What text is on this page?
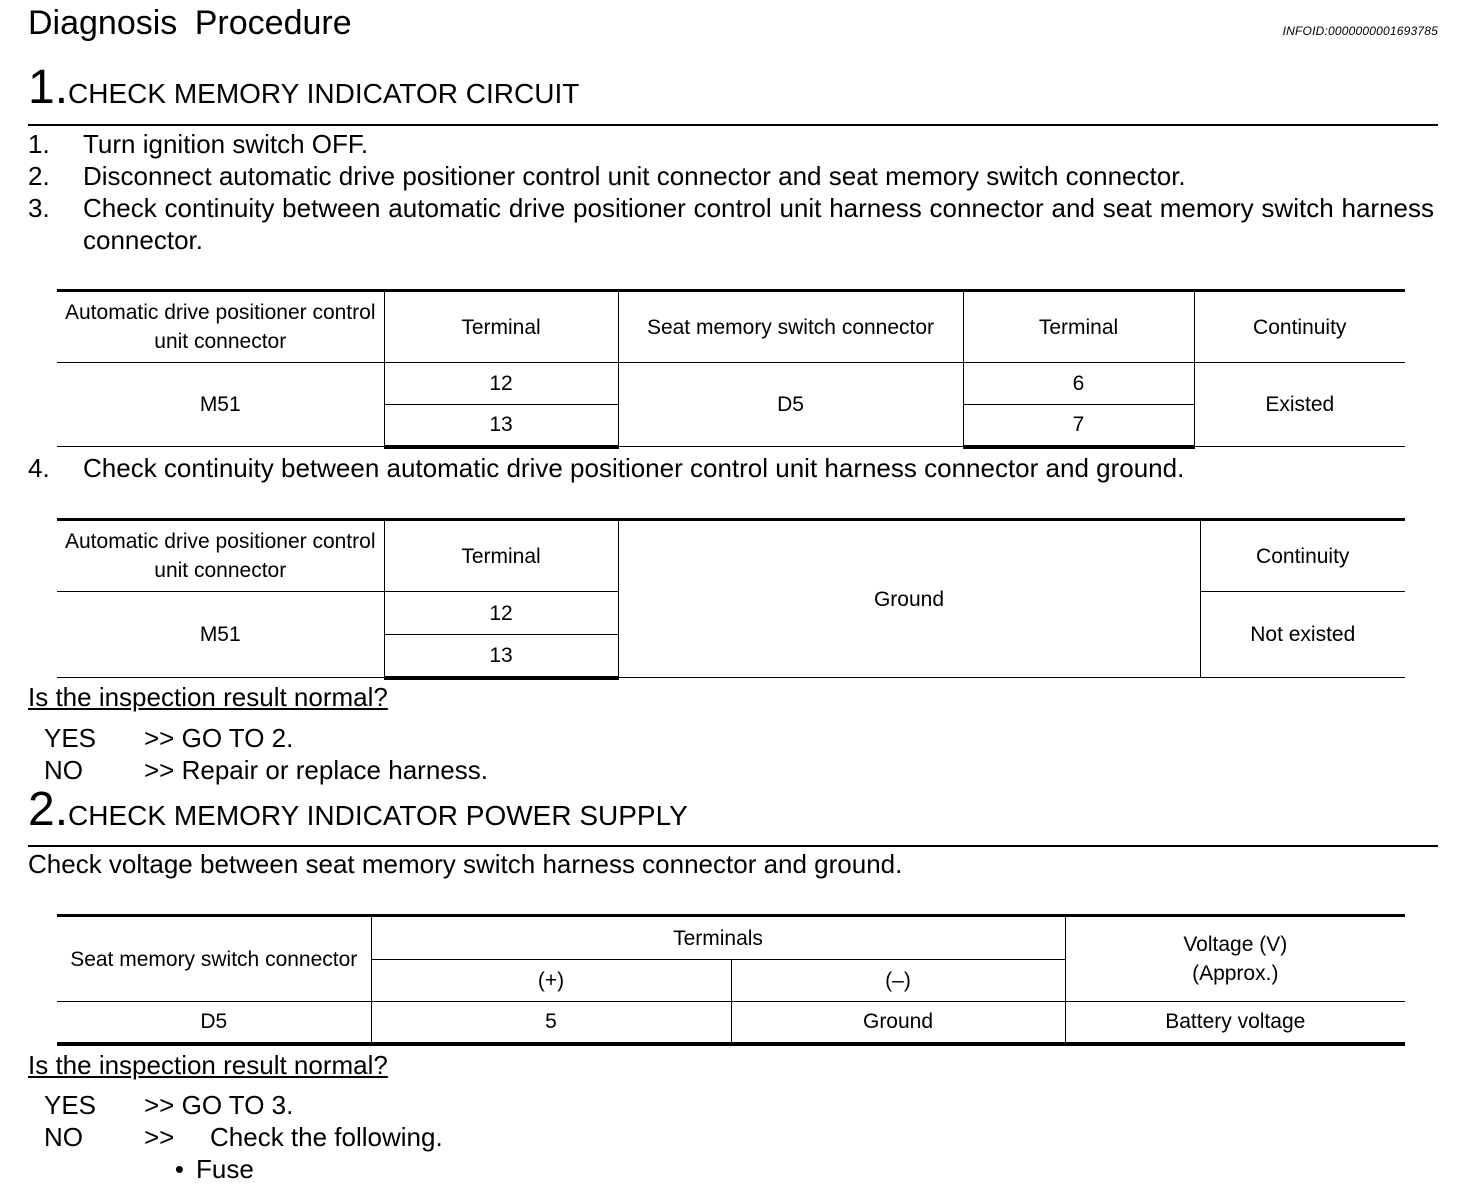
Diagnosis Procedure	INFOID:0000000001693785
1.CHECK MEMORY INDICATOR CIRCUIT
1.	Turn ignition switch OFF.
2.	Disconnect automatic drive positioner control unit connector and seat memory switch connector.
3.	Check continuity between automatic drive positioner control unit harness connector and seat memory switch harness connector.
Automatic drive positioner control unit connector	Terminal	Seat memory switch connector	Terminal	Continuity
M51	12	D5	6	Existed
	13		7	
4.	Check continuity between automatic drive positioner control unit harness connector and ground.
Automatic drive positioner control unit connector	Terminal	Ground	Continuity
M51	12		Not existed
	13		
Is the inspection result normal?
YES	>> GO TO 2.
NO	>> Repair or replace harness.
2.CHECK MEMORY INDICATOR POWER SUPPLY
Check voltage between seat memory switch harness connector and ground.
Seat memory switch connector	Terminals		Voltage (V)
(Approx.)
	(+)	(–)	
D5	5	Ground	Battery voltage
Is the inspection result normal?
YES	>> GO TO 3.
NO	>>	Check the following.
• Fuse
